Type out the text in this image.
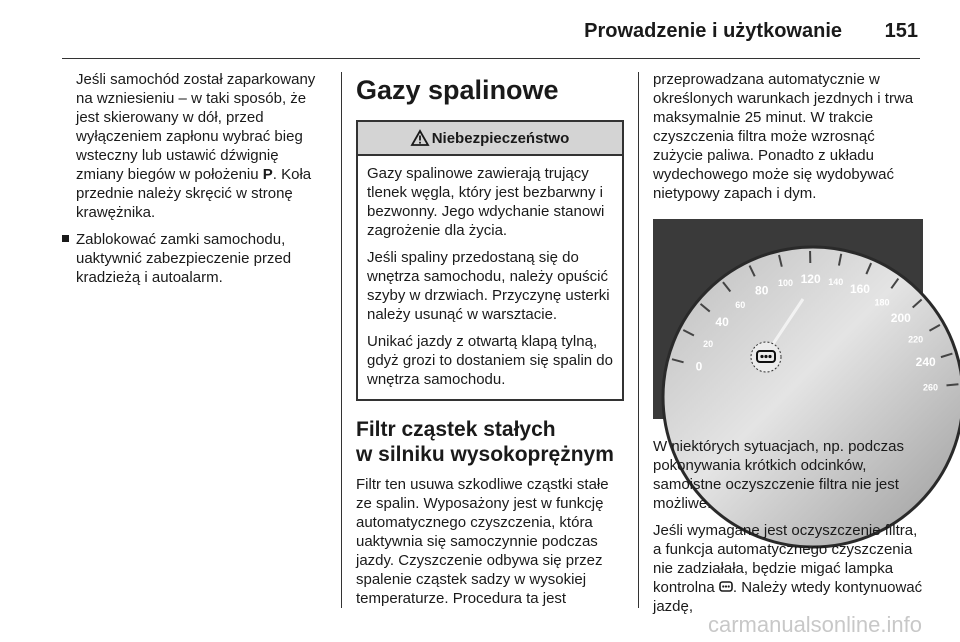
Prowadzenie i użytkowanie 151

Jeśli samochód został zaparkowany na wzniesieniu – w taki sposób, że jest skierowany w dół, przed wyłączeniem zapłonu wybrać bieg wsteczny lub ustawić dźwignię zmiany biegów w położeniu P. Koła przednie należy skręcić w stronę krawężnika.

Zablokować zamki samochodu, uaktywnić zabezpieczenie przed kradzieżą i autoalarm.
Gazy spalinowe
Niebezpieczeństwo

Gazy spalinowe zawierają trujący tlenek węgla, który jest bezbarwny i bezwonny. Jego wdychanie stanowi zagrożenie dla życia.

Jeśli spaliny przedostaną się do wnętrza samochodu, należy opuścić szyby w drzwiach. Przyczynę usterki należy usunąć w warsztacie.

Unikać jazdy z otwartą klapą tylną, gdyż grozi to dostaniem się spalin do wnętrza samochodu.

Filtr cząstek stałych
w silniku wysokoprężnym

Filtr ten usuwa szkodliwe cząstki stałe ze spalin. Wyposażony jest w funkcję automatycznego czyszczenia, która uaktywnia się samoczynnie podczas jazdy. Czyszczenie odbywa się przez spalenie cząstek sadzy w wysokiej temperaturze. Procedura ta jest

przeprowadzana automatycznie w określonych warunkach jezdnych i trwa maksymalnie 25 minut. W trakcie czyszczenia filtra może wzrosnąć zużycie paliwa. Ponadto z układu wydechowego może się wydobywać nietypowy zapach i dym.

0
20
40
60
80
100 120 140 160
180
200
220
240
260

W niektórych sytuacjach, np. podczas pokonywania krótkich odcinków, samoistne oczyszczenie filtra nie jest możliwe.

Jeśli wymagane jest oczyszczenie filtra, a funkcja automatycznego czyszczenia nie zadziałała, będzie migać lampka kontrolna . Należy wtedy kontynuować jazdę,

carmanualsonline.info
